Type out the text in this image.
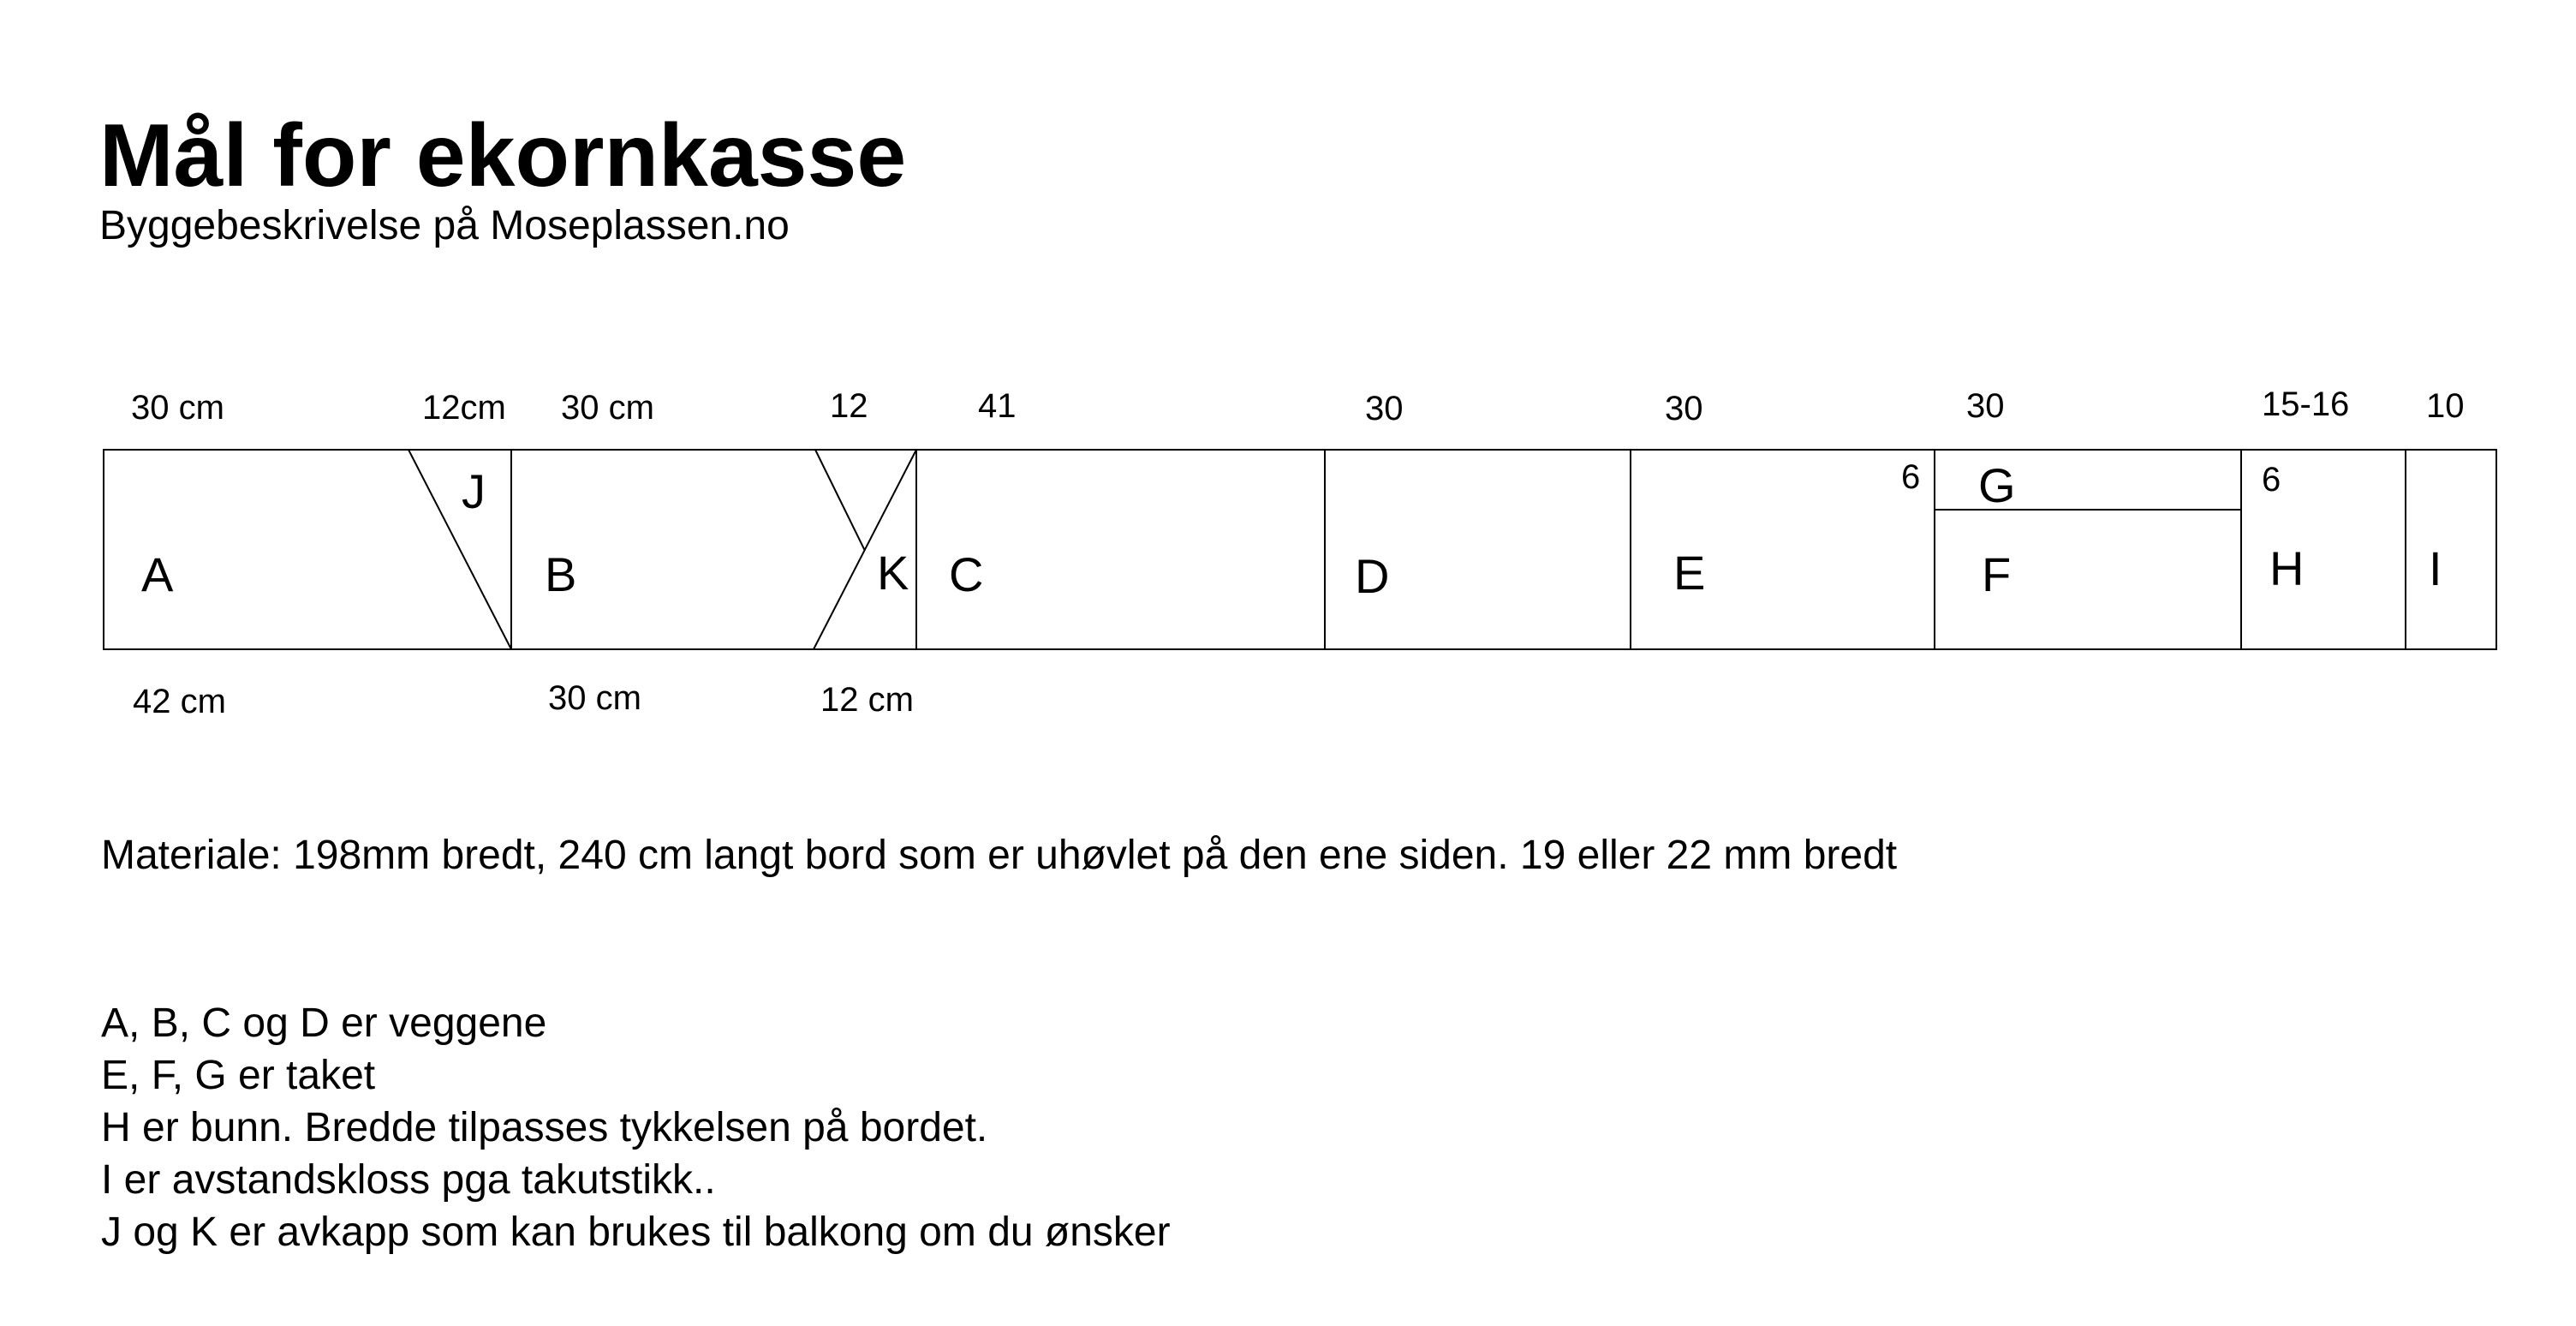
Mål for ekornkasse
Byggebeskrivelse på Moseplassen.no
30 cm	12cm 30 cm	12	41	30	30	30	15-16 10
42 cm	30 cm	12 cm
6	6
A
J
B	K C	D	E
G
F	H	I
Materiale: 198mm bredt, 240 cm langt bord som er uhøvlet på den ene siden. 19 eller 22 mm bredt
A, B, C og D er veggene
E, F, G er taket
H er bunn. Bredde tilpasses tykkelsen på bordet.
I er avstandskloss pga takutstikk..
J og K er avkapp som kan brukes til balkong om du ønsker
